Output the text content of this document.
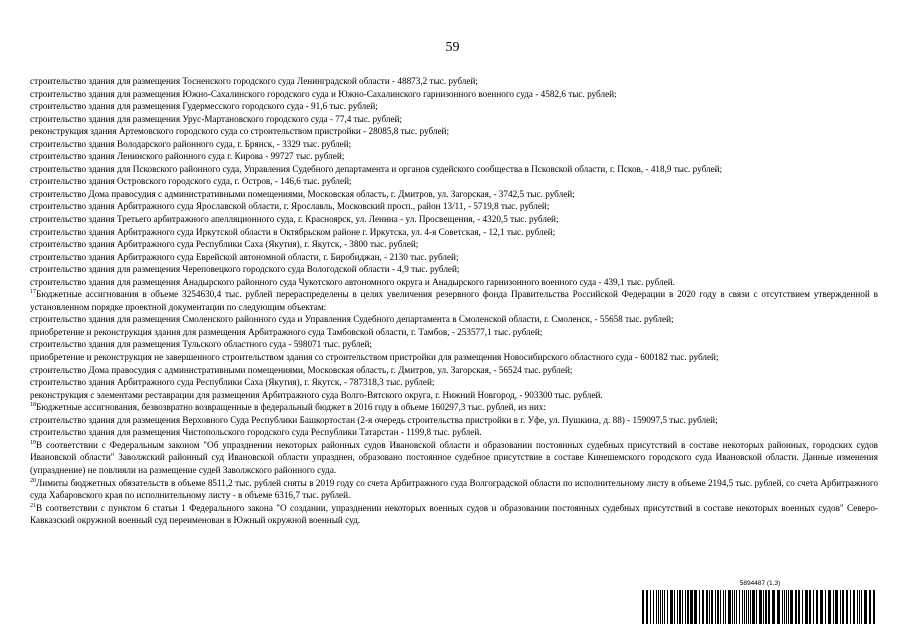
59
строительство здания для размещения Тосненского городского суда Ленинградской области - 48873,2 тыс. рублей;
строительство здания для размещения Южно-Сахалинского городского суда и Южно-Сахалинского гарнизонного военного суда - 4582,6 тыс. рублей;
строительство здания для размещения Гудермесского городского суда - 91,6 тыс. рублей;
строительство здания для размещения Урус-Мартановского городского суда - 77,4 тыс. рублей;
реконструкция здания Артемовского городского суда со строительством пристройки - 28085,8 тыс. рублей;
строительство здания Володарского районного суда, г. Брянск, - 3329 тыс. рублей;
строительство здания Ленинского районного суда г. Кирова - 99727 тыс. рублей;
строительство здания для Псковского районного суда, Управления Судебного департамента и органов судейского сообщества в Псковской области, г. Псков, - 418,9 тыс. рублей;
строительство здания Островского городского суда, г. Остров, - 146,6 тыс. рублей;
строительство Дома правосудия с административными помещениями, Московская область, г. Дмитров, ул. Загорская, - 3742,5 тыс. рублей;
строительство здания Арбитражного суда Ярославской области, г. Ярославль, Московский просп., район 13/11, - 5719,8 тыс. рублей;
строительство здания Третьего арбитражного апелляционного суда, г. Красноярск, ул. Ленина - ул. Просвещения, - 4320,5 тыс. рублей;
строительство здания Арбитражного суда Иркутской области в Октябрьском районе г. Иркутска, ул. 4-я Советская, - 12,1 тыс. рублей;
строительство здания Арбитражного суда Республики Саха (Якутия), г. Якутск, - 3800 тыс. рублей;
строительство здания Арбитражного суда Еврейской автономной области, г. Биробиджан, - 2130 тыс. рублей;
строительство здания для размещения Череповецкого городского суда Вологодской области - 4,9 тыс. рублей;
строительство здания для размещения Анадырского районного суда Чукотского автономного округа и Анадырского гарнизонного военного суда - 439,1 тыс. рублей.

$^{17}$Бюджетные ассигнования в объеме 3254630,4 тыс. рублей перераспределены в целях увеличения резервного фонда Правительства Российской Федерации в 2020 году в связи с отсутствием утвержденной в установленном порядке проектной документации по следующим объектам:

строительство здания для размещения Смоленского районного суда и Управления Судебного департамента в Смоленской области, г. Смоленск, - 55658 тыс. рублей;
приобретение и реконструкция здания для размещения Арбитражного суда Тамбовской области, г. Тамбов, - 253577,1 тыс. рублей;
строительство здания для размещения Тульского областного суда - 598071 тыс. рублей;
приобретение и реконструкция не завершенного строительством здания со строительством пристройки для размещения Новосибирского областного суда - 600182 тыс. рублей;
строительство Дома правосудия с административными помещениями, Московская область, г. Дмитров, ул. Загорская, - 56524 тыс. рублей;
строительство здания Арбитражного суда Республики Саха (Якутия), г. Якутск, - 787318,3 тыс. рублей;
реконструкция с элементами реставрации для размещения Арбитражного суда Волго-Вятского округа, г. Нижний Новгород, - 903300 тыс. рублей.

$^{18}$Бюджетные ассигнования, безвозвратно возвращенные в федеральный бюджет в 2016 году в объеме 160297,3 тыс. рублей, из них:

строительство здания для размещения Верховного Суда Республики Башкортостан (2-я очередь строительства пристройки в г. Уфе, ул. Пушкина, д. 88) - 159097,5 тыс. рублей;
строительство здания для размещения Чистопольского городского суда Республики Татарстан - 1199,8 тыс. рублей.

$^{19}$В соответствии с Федеральным законом "Об упразднении некоторых районных судов Ивановской области и образовании постоянных судебных присутствий в составе некоторых районных, городских судов Ивановской области" Заволжский районный суд Ивановской области упразднен, образовано постоянное судебное присутствие в составе Кинешемского городского суда Ивановской области. Данные изменения (упразднение) не повлияли на размещение судей Заволжского районного суда.

$^{20}$Лимиты бюджетных обязательств в объеме 8511,2 тыс. рублей сняты в 2019 году со счета Арбитражного суда Волгоградской области по исполнительному листу в объеме 2194,5 тыс. рублей, со счета Арбитражного суда Хабаровского края по исполнительному листу - в объеме 6316,7 тыс. рублей.

$^{21}$В соответствии с пунктом 6 статьи 1 Федерального закона "О создании, упразднении некоторых военных судов и образовании постоянных судебных присутствий в составе некоторых военных судов" Северо-Кавказский окружной военный суд переименован в Южный окружной военный суд.

5894487 (1.3)
